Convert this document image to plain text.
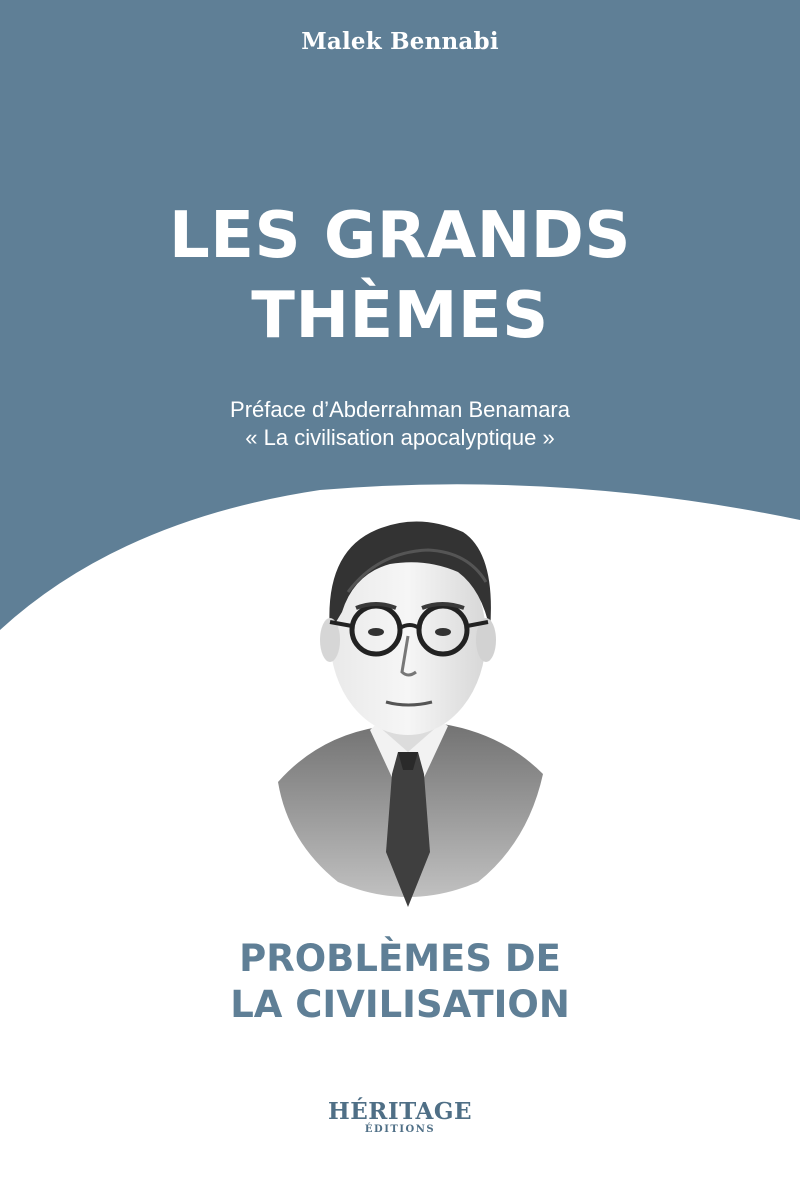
Malek Bennabi
LES GRANDS
THÈMES
Préface d’Abderrahman Benamara
« La civilisation apocalyptique »
PROBLÈMES DE
LA CIVILISATION
HÉRITAGE
ÉDITIONS
